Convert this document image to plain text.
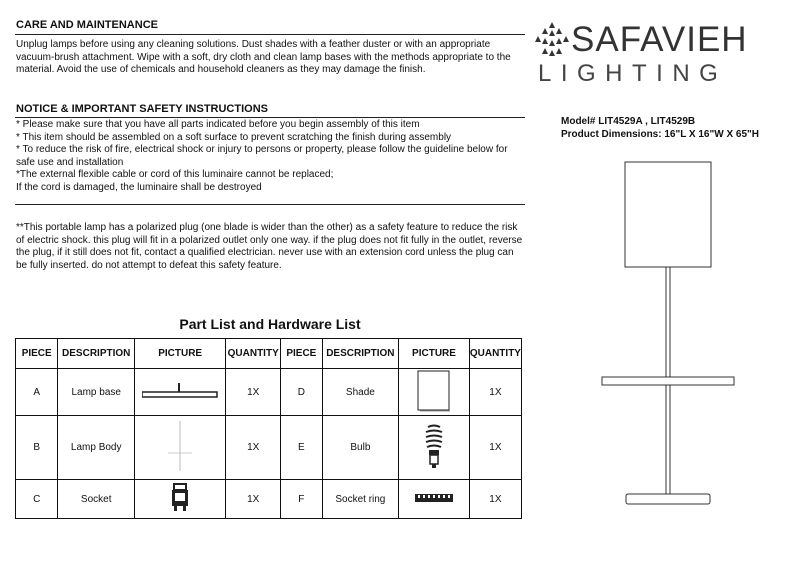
CARE AND MAINTENANCE
Unplug lamps before using any cleaning solutions. Dust shades with a feather duster or with an appropriate vacuum-brush attachment. Wipe with a soft, dry cloth and clean lamp bases with the methods appropriate to the material. Avoid the use of chemicals and household cleaners as they may damage the finish.
NOTICE & IMPORTANT SAFETY INSTRUCTIONS
* Please make sure that you have all parts indicated before you begin assembly of this item
* This item should be assembled on a soft surface to prevent scratching the finish during assembly
* To reduce the risk of fire, electrical shock or injury to persons or property, please follow the guideline below for safe use and installation
*The external flexible cable or cord of this luminaire cannot be replaced;
If the cord is damaged, the luminaire shall be destroyed
**This portable lamp has a polarized plug (one blade is wider than the other) as a safety feature to reduce the risk of electric shock. this plug will fit in a polarized outlet only one way. if the plug does not fit fully in the outlet, reverse the plug, if it still does not fit, contact a qualified electrician. never use with an extension cord unless the plug can be fully inserted. do not attempt to defeat this safety feature.
SAFAVIEH
LIGHTING
Model# LIT4529A , LIT4529B
Product Dimensions: 16"L X 16"W X 65"H
Part List and Hardware List
PIECE	DESCRIPTION	PICTURE	QUANTITY	PIECE	DESCRIPTION	PICTURE	QUANTITY
A	Lamp base		1X	D	Shade		1X
B	Lamp Body		1X	E	Bulb		1X
C	Socket		1X	F	Socket ring		1X
